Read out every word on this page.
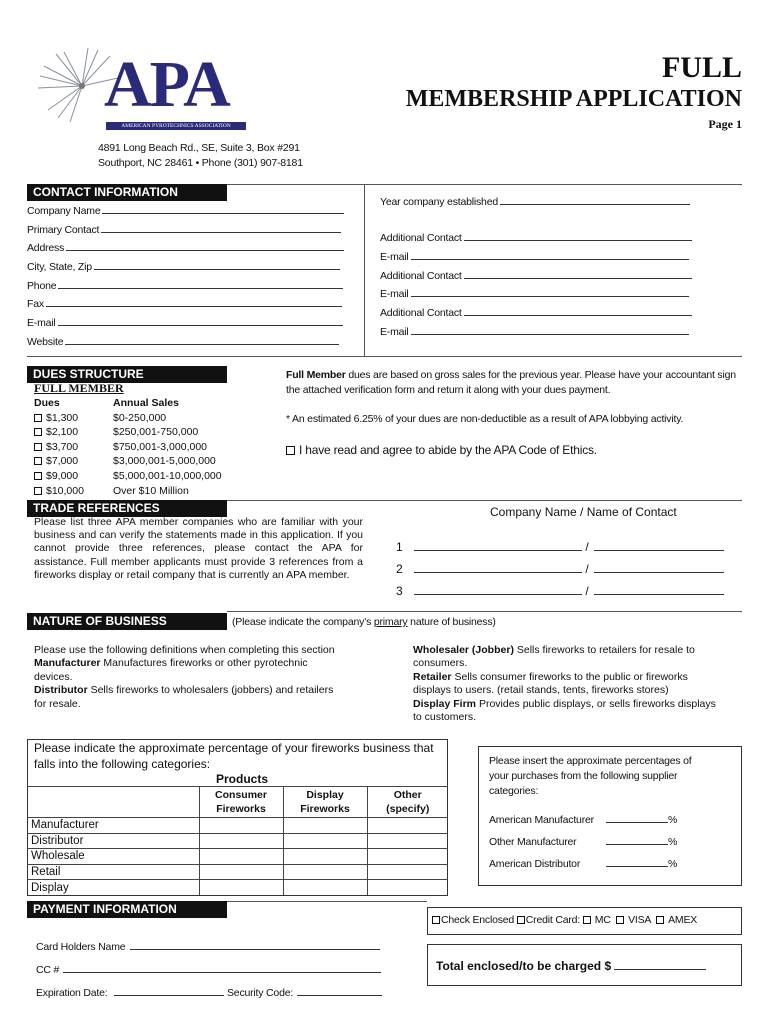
APA
AMERICAN PYROTECHNICS ASSOCIATION
FULL
MEMBERSHIP APPLICATION
Page 1
4891 Long Beach Rd., SE, Suite 3, Box #291
Southport, NC 28461 • Phone (301) 907-8181
CONTACT INFORMATION
Company Name
Primary Contact
Address
City, State, Zip
Phone
Fax
E-mail
Website
Year company established
Additional Contact
E-mail
Additional Contact
E-mail
Additional Contact
E-mail
DUES STRUCTURE
FULL MEMBER
Dues	Annual Sales
$1,300	$0-250,000
$2,100	$250,001-750,000
$3,700	$750,001-3,000,000
$7,000	$3,000,001-5,000,000
$9,000	$5,000,001-10,000,000
$10,000	Over $10 Million
Full Member dues are based on gross sales for the previous year. Please have your accountant sign the attached verification form and return it along with your dues payment.
* An estimated 6.25% of your dues are non-deductible as a result of APA lobbying activity.
I have read and agree to abide by the APA Code of Ethics.
TRADE REFERENCES
Please list three APA member companies who are familiar with your business and can verify the statements made in this application. If you cannot provide three references, please contact the APA for assistance. Full member applicants must provide 3 references from a fireworks display or retail company that is currently an APA member.
Company Name / Name of Contact
1	/
2	/
3	/
NATURE OF BUSINESS	(Please indicate the company’s primary nature of business)
Please use the following definitions when completing this section
Manufacturer Manufactures fireworks or other pyrotechnic devices.
Distributor Sells fireworks to wholesalers (jobbers) and retailers for resale.
Wholesaler (Jobber) Sells fireworks to retailers for resale to consumers.
Retailer Sells consumer fireworks to the public or fireworks displays to users. (retail stands, tents, fireworks stores)
Display Firm Provides public displays, or sells fireworks displays to customers.
Please indicate the approximate percentage of your fireworks business that falls into the following categories:
Products
	Consumer Fireworks	Display Fireworks	Other (specify)
Manufacturer			
Distributor			
Wholesale			
Retail			
Display			
Please insert the approximate percentages of your purchases from the following supplier categories:
American Manufacturer	%
Other Manufacturer	%
American Distributor	%
PAYMENT INFORMATION
Check Enclosed Credit Card: MC VISA AMEX
Card Holders Name
CC #
Expiration Date:	Security Code:
Total enclosed/to be charged $
